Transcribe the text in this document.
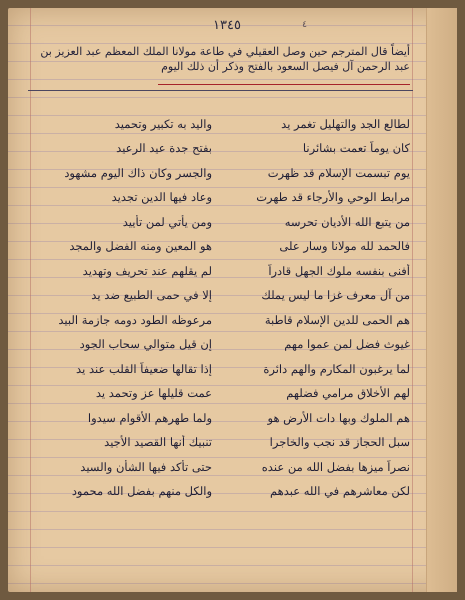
١٣٤٥	٤
أيضاً قال المترجم حين وصل العقيلي في طاعة مولانا الملك المعظم عبد العزيز بن عبد الرحمن آل فيصل السعود بالفتح وذكر أن ذلك اليوم
لطالع الجد والتهليل تغمر يد
واليد به تكبير وتحميد
كان يوماً تعمت بشائرنا
بفتح جدة عيد الرعيد
يوم تبسمت الإسلام قد ظهرت
والجسر وكان ذاك اليوم مشهود
مرابط الوحي والأرجاء قد طهرت
وعاد فيها الدين تجديد
من يتبع الله الأديان تحرسه
ومن يأتي لمن تأييد
فالحمد لله مولانا وسار على
هو المعين ومنه الفضل والمجد
أفنى بنفسه ملوك الجهل قادراً
لم يقلهم عند تحريف وتهديد
من آل معرف غزا ما ليس يملك
إلا في حمى الطبيع ضد يد
هم الحمى للدين الإسلام قاطبة
مرعوظه الطود دومه جازمة البيد
غيوث فضل لمن عموا مهم
إن قيل متوالي سحاب الجود
لما يرغبون المكارم والهم دائرة
إذا تقالها ضعيفاً القلب عند يد
لهم الأخلاق مرامي فضلهم
عمت قليلها عز وتحمد يد
هم الملوك وبها دات الأرض هو
ولما طهرهم الأقوام سيدوا
سبل الحجاز قد نجب والخاجرا
تنبيك أنها القصيد الأجيد
نصراً ميزها بفضل الله من عنده
حتى تأكد فيها الشأن والسيد
لكن معاشرهم في الله عبدهم
والكل منهم بفضل الله محمود
